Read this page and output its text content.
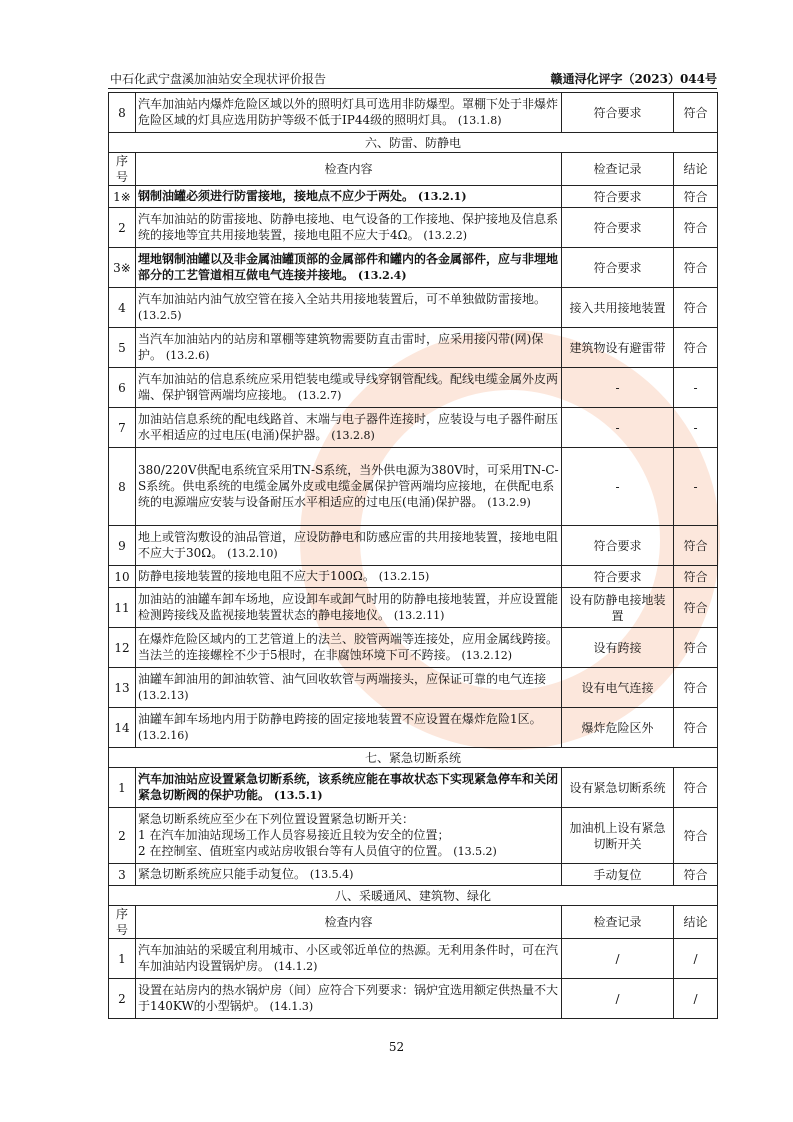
中石化武宁盘溪加油站安全现状评价报告	赣通浔化评字（2023）044号
8	汽车加油站内爆炸危险区域以外的照明灯具可选用非防爆型。罩棚下处于非爆炸危险区域的灯具应选用防护等级不低于IP44级的照明灯具。 (13.1.8)	符合要求	符合
六、防雷、防静电			
序号	检查内容	检查记录	结论
1※	钢制油罐必须进行防雷接地，接地点不应少于两处。 (13.2.1)	符合要求	符合
2	汽车加油站的防雷接地、防静电接地、电气设备的工作接地、保护接地及信息系统的接地等宜共用接地装置，接地电阻不应大于4Ω。 (13.2.2)	符合要求	符合
3※	埋地钢制油罐以及非金属油罐顶部的金属部件和罐内的各金属部件，应与非埋地部分的工艺管道相互做电气连接并接地。 (13.2.4)	符合要求	符合
4	汽车加油站内油气放空管在接入全站共用接地装置后，可不单独做防雷接地。 (13.2.5)	接入共用接地装置	符合
5	当汽车加油站内的站房和罩棚等建筑物需要防直击雷时，应采用接闪带(网)保护。 (13.2.6)	建筑物设有避雷带	符合
6	汽车加油站的信息系统应采用铠装电缆或导线穿钢管配线。配线电缆金属外皮两端、保护钢管两端均应接地。 (13.2.7)	-	-
7	加油站信息系统的配电线路首、末端与电子器件连接时，应装设与电子器件耐压水平相适应的过电压(电涌)保护器。 (13.2.8)	-	-
8	380/220V供配电系统宜采用TN-S系统，当外供电源为380V时，可采用TN-C-S系统。供电系统的电缆金属外皮或电缆金属保护管两端均应接地，在供配电系统的电源端应安装与设备耐压水平相适应的过电压(电涌)保护器。 (13.2.9)	-	-
9	地上或管沟敷设的油品管道，应设防静电和防感应雷的共用接地装置，接地电阻不应大于30Ω。 (13.2.10)	符合要求	符合
10	防静电接地装置的接地电阻不应大于100Ω。 (13.2.15)	符合要求	符合
11	加油站的油罐车卸车场地，应设卸车或卸气时用的防静电接地装置，并应设置能检测跨接线及监视接地装置状态的静电接地仪。 (13.2.11)	设有防静电接地装置	符合
12	在爆炸危险区域内的工艺管道上的法兰、胶管两端等连接处，应用金属线跨接。当法兰的连接螺栓不少于5根时，在非腐蚀环境下可不跨接。 (13.2.12)	设有跨接	符合
13	油罐车卸油用的卸油软管、油气回收软管与两端接头，应保证可靠的电气连接 (13.2.13)	设有电气连接	符合
14	油罐车卸车场地内用于防静电跨接的固定接地装置不应设置在爆炸危险1区。 (13.2.16)	爆炸危险区外	符合
七、紧急切断系统			
1	汽车加油站应设置紧急切断系统，该系统应能在事故状态下实现紧急停车和关闭紧急切断阀的保护功能。 (13.5.1)	设有紧急切断系统	符合
2	紧急切断系统应至少在下列位置设置紧急切断开关：
1 在汽车加油站现场工作人员容易接近且较为安全的位置；
2 在控制室、值班室内或站房收银台等有人员值守的位置。 (13.5.2)	加油机上设有紧急切断开关	符合
3	紧急切断系统应只能手动复位。 (13.5.4)	手动复位	符合
八、采暖通风、建筑物、绿化			
序号	检查内容	检查记录	结论
1	汽车加油站的采暖宜利用城市、小区或邻近单位的热源。无利用条件时，可在汽车加油站内设置锅炉房。 (14.1.2)	/	/
2	设置在站房内的热水锅炉房（间）应符合下列要求：锅炉宜选用额定供热量不大于140KW的小型锅炉。 (14.1.3)	/	/
52
